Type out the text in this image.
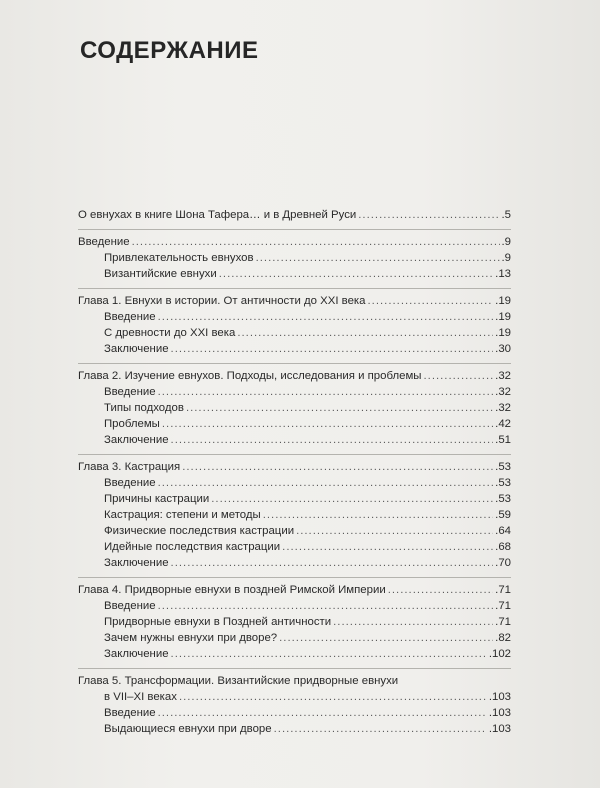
СОДЕРЖАНИЕ
О евнухах в книге Шона Тафера… и в Древней Руси .....	.5
Введение .....	.9
Привлекательность евнухов .....	.9
Византийские евнухи .....	.13
Глава 1. Евнухи в истории. От античности до XXI века .....	.19
Введение .....	.19
С древности до XXI века .....	.19
Заключение .....	.30
Глава 2. Изучение евнухов. Подходы, исследования и проблемы .....	.32
Введение .....	.32
Типы подходов .....	.32
Проблемы .....	.42
Заключение .....	.51
Глава 3. Кастрация .....	.53
Введение .....	.53
Причины кастрации .....	.53
Кастрация: степени и методы .....	.59
Физические последствия кастрации .....	.64
Идейные последствия кастрации .....	.68
Заключение .....	.70
Глава 4. Придворные евнухи в поздней Римской Империи .....	.71
Введение .....	.71
Придворные евнухи в Поздней античности .....	.71
Зачем нужны евнухи при дворе? .....	.82
Заключение .....	.102
Глава 5. Трансформации. Византийские придворные евнухи
в VII–XI веках .....	.103
Введение .....	.103
Выдающиеся евнухи при дворе .....	.103
